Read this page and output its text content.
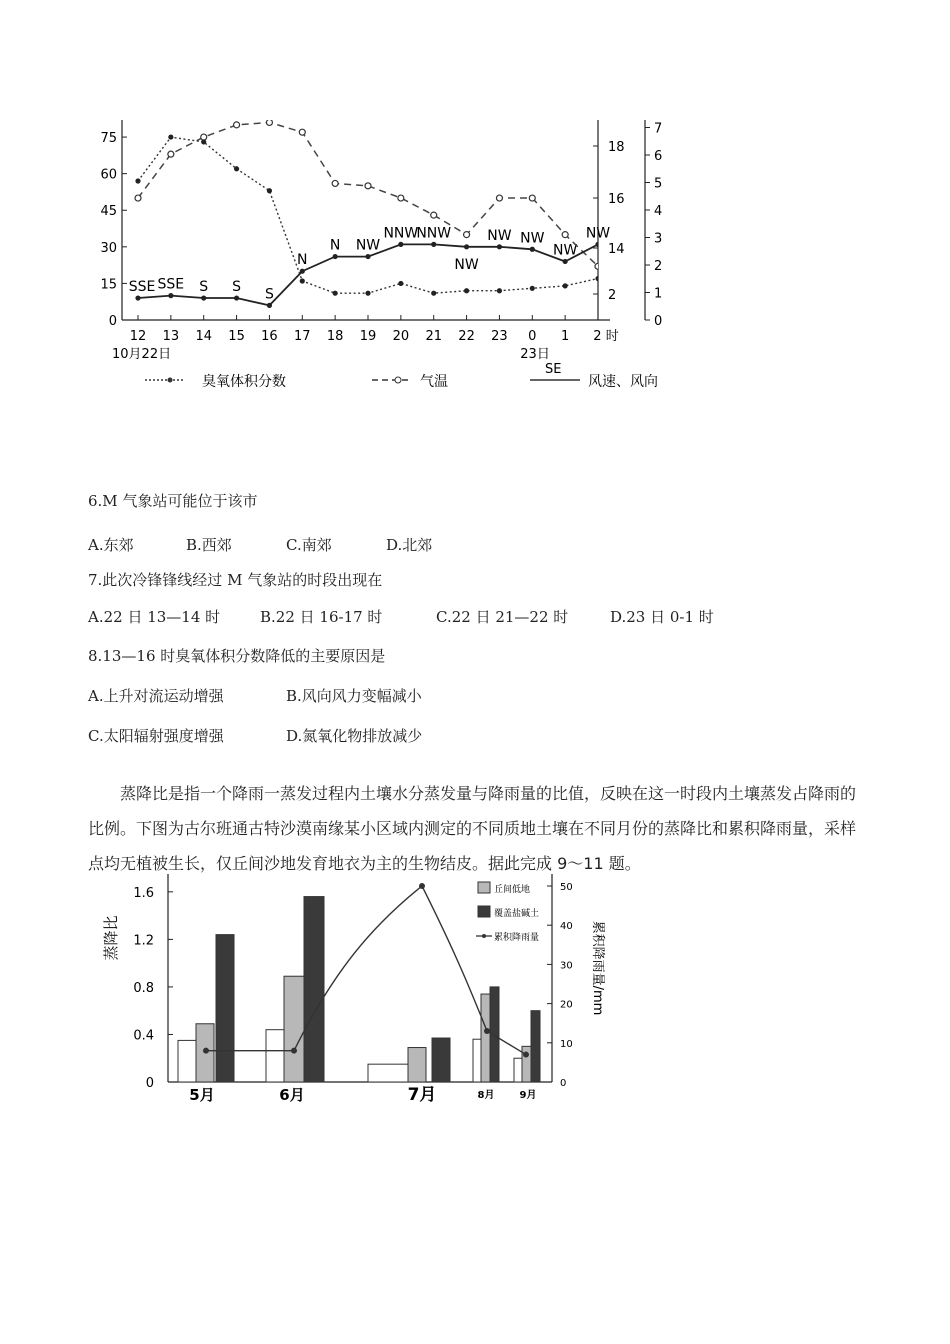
75
60
45
30
15
0
18
16
14
2
7
6
5
4
3
2
1
0
12 13 14 15 16 17 18 19 20 21 22 23 0 1 2 时
10月22日	23日
SSE SSE S S S
N
N NW
NNW
NNW
NW
NW NW
NW
NW
臭氧体积分数	气温
SE
风速、风向
6.M 气象站可能位于该市
A.东郊	B.西郊	C.南郊	D.北郊
7.此次冷锋锋线经过 M 气象站的时段出现在
A.22 日 13—14 时	B.22 日 16-17 时	C.22 日 21—22 时	D.23 日 0-1 时
8.13—16 时臭氧体积分数降低的主要原因是
A.上升对流运动增强	B.风向风力变幅减小
C.太阳辐射强度增强	D.氮氧化物排放减少
蒸降比是指一个降雨一蒸发过程内土壤水分蒸发量与降雨量的比值，反映在这一时段内土壤蒸发占降雨的比例。下图为古尔班通古特沙漠南缘某小区域内测定的不同质地土壤在不同月份的蒸降比和累积降雨量，采样点均无植被生长，仅丘间沙地发育地衣为主的生物结皮。据此完成 9～11 题。
1.6
1.2
0.8
0.4
0
50
40
30
20
10
0
蒸降比	累积降雨量/mm
5月	6月	7月	8月	9月
丘间低地
覆盖盐碱土
累积降雨量
